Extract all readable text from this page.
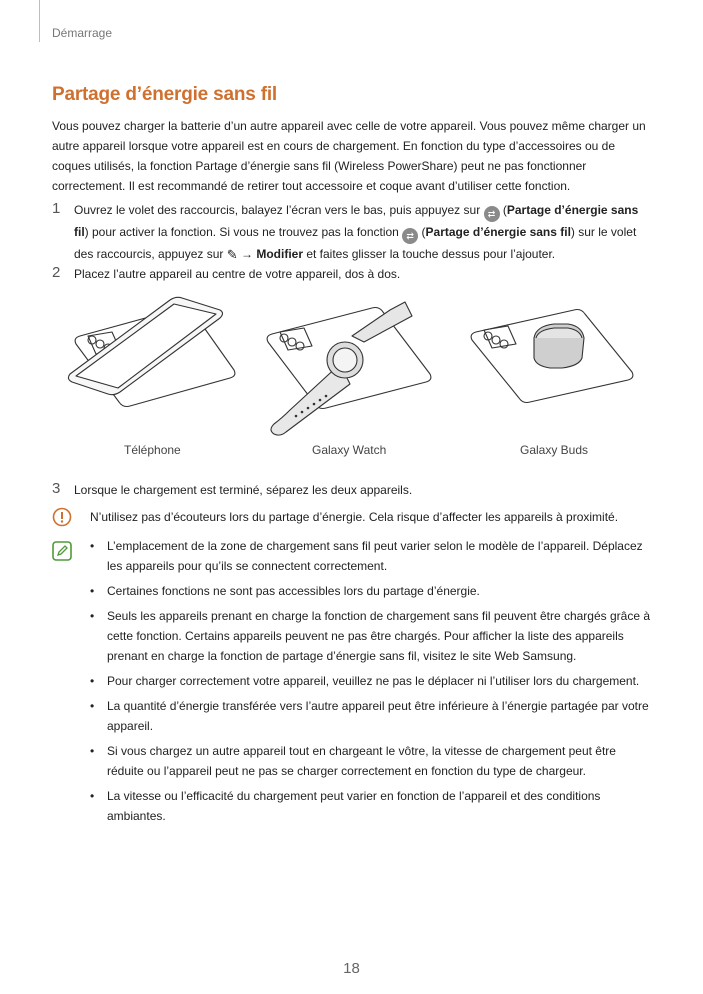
Démarrage
Partage d’énergie sans fil

Vous pouvez charger la batterie d’un autre appareil avec celle de votre appareil. Vous pouvez même charger un autre appareil lorsque votre appareil est en cours de chargement. En fonction du type d’accessoires ou de coques utilisés, la fonction Partage d’énergie sans fil (Wireless PowerShare) peut ne pas fonctionner correctement. Il est recommandé de retirer tout accessoire et coque avant d’utiliser cette fonction.

1 Ouvrez le volet des raccourcis, balayez l’écran vers le bas, puis appuyez sur ⇄ (Partage d’énergie sans fil) pour activer la fonction. Si vous ne trouvez pas la fonction ⇄ (Partage d’énergie sans fil) sur le volet des raccourcis, appuyez sur ✎ → Modifier et faites glisser la touche dessus pour l’ajouter.
2 Placez l’autre appareil au centre de votre appareil, dos à dos.
Téléphone	Galaxy Watch	Galaxy Buds
3 Lorsque le chargement est terminé, séparez les deux appareils.
N’utilisez pas d’écouteurs lors du partage d’énergie. Cela risque d’affecter les appareils à proximité.
• L’emplacement de la zone de chargement sans fil peut varier selon le modèle de l’appareil. Déplacez les appareils pour qu’ils se connectent correctement.
• Certaines fonctions ne sont pas accessibles lors du partage d’énergie.
• Seuls les appareils prenant en charge la fonction de chargement sans fil peuvent être chargés grâce à cette fonction. Certains appareils peuvent ne pas être chargés. Pour afficher la liste des appareils prenant en charge la fonction de partage d’énergie sans fil, visitez le site Web Samsung.
• Pour charger correctement votre appareil, veuillez ne pas le déplacer ni l’utiliser lors du chargement.
• La quantité d’énergie transférée vers l’autre appareil peut être inférieure à l’énergie partagée par votre appareil.
• Si vous chargez un autre appareil tout en chargeant le vôtre, la vitesse de chargement peut être réduite ou l’appareil peut ne pas se charger correctement en fonction du type de chargeur.
• La vitesse ou l’efficacité du chargement peut varier en fonction de l’appareil et des conditions ambiantes.
18
